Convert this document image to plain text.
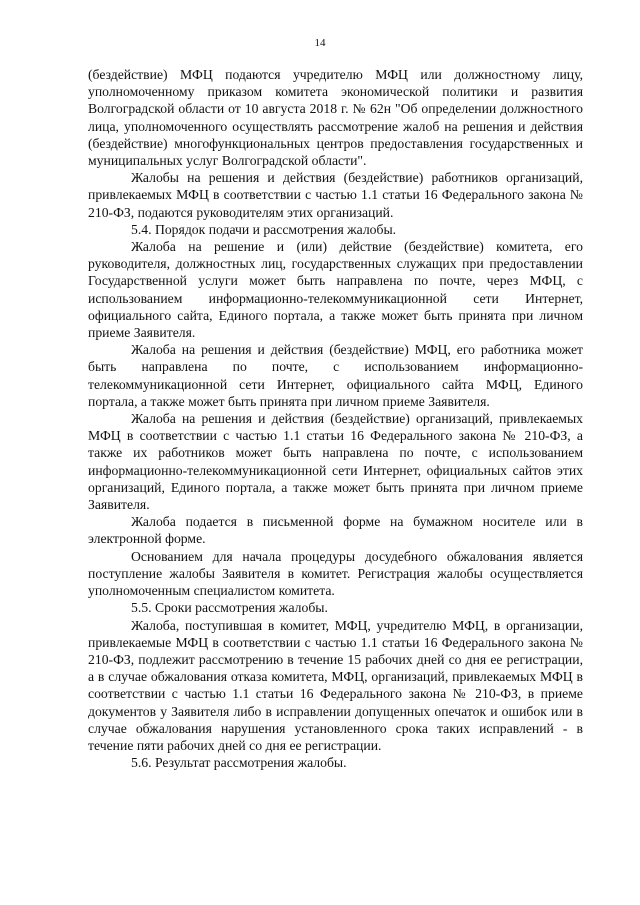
14

(бездействие) МФЦ подаются учредителю МФЦ или должностному лицу, уполномоченному приказом комитета экономической политики и развития Волгоградской области от 10 августа 2018 г. № 62н "Об определении должностного лица, уполномоченного осуществлять рассмотрение жалоб на решения и действия (бездействие) многофункциональных центров предоставления государственных и муниципальных услуг Волгоградской области".

Жалобы на решения и действия (бездействие) работников организаций, привлекаемых МФЦ в соответствии с частью 1.1 статьи 16 Федерального закона № 210-ФЗ, подаются руководителям этих организаций.

5.4. Порядок подачи и рассмотрения жалобы.

Жалоба на решение и (или) действие (бездействие) комитета, его руководителя, должностных лиц, государственных служащих при предоставлении Государственной услуги может быть направлена по почте, через МФЦ, с использованием информационно-телекоммуникационной сети Интернет, официального сайта, Единого портала, а также может быть принята при личном приеме Заявителя.

Жалоба на решения и действия (бездействие) МФЦ, его работника может быть направлена по почте, с использованием информационно-телекоммуникационной сети Интернет, официального сайта МФЦ, Единого портала, а также может быть принята при личном приеме Заявителя.

Жалоба на решения и действия (бездействие) организаций, привлекаемых МФЦ в соответствии с частью 1.1 статьи 16 Федерального закона № 210-ФЗ, а также их работников может быть направлена по почте, с использованием информационно-телекоммуникационной сети Интернет, официальных сайтов этих организаций, Единого портала, а также может быть принята при личном приеме Заявителя.

Жалоба подается в письменной форме на бумажном носителе или в электронной форме.

Основанием для начала процедуры досудебного обжалования является поступление жалобы Заявителя в комитет. Регистрация жалобы осуществляется уполномоченным специалистом комитета.

5.5. Сроки рассмотрения жалобы.

Жалоба, поступившая в комитет, МФЦ, учредителю МФЦ, в организации, привлекаемые МФЦ в соответствии с частью 1.1 статьи 16 Федерального закона № 210-ФЗ, подлежит рассмотрению в течение 15 рабочих дней со дня ее регистрации, а в случае обжалования отказа комитета, МФЦ, организаций, привлекаемых МФЦ в соответствии с частью 1.1 статьи 16 Федерального закона № 210-ФЗ, в приеме документов у Заявителя либо в исправлении допущенных опечаток и ошибок или в случае обжалования нарушения установленного срока таких исправлений - в течение пяти рабочих дней со дня ее регистрации.

5.6. Результат рассмотрения жалобы.
